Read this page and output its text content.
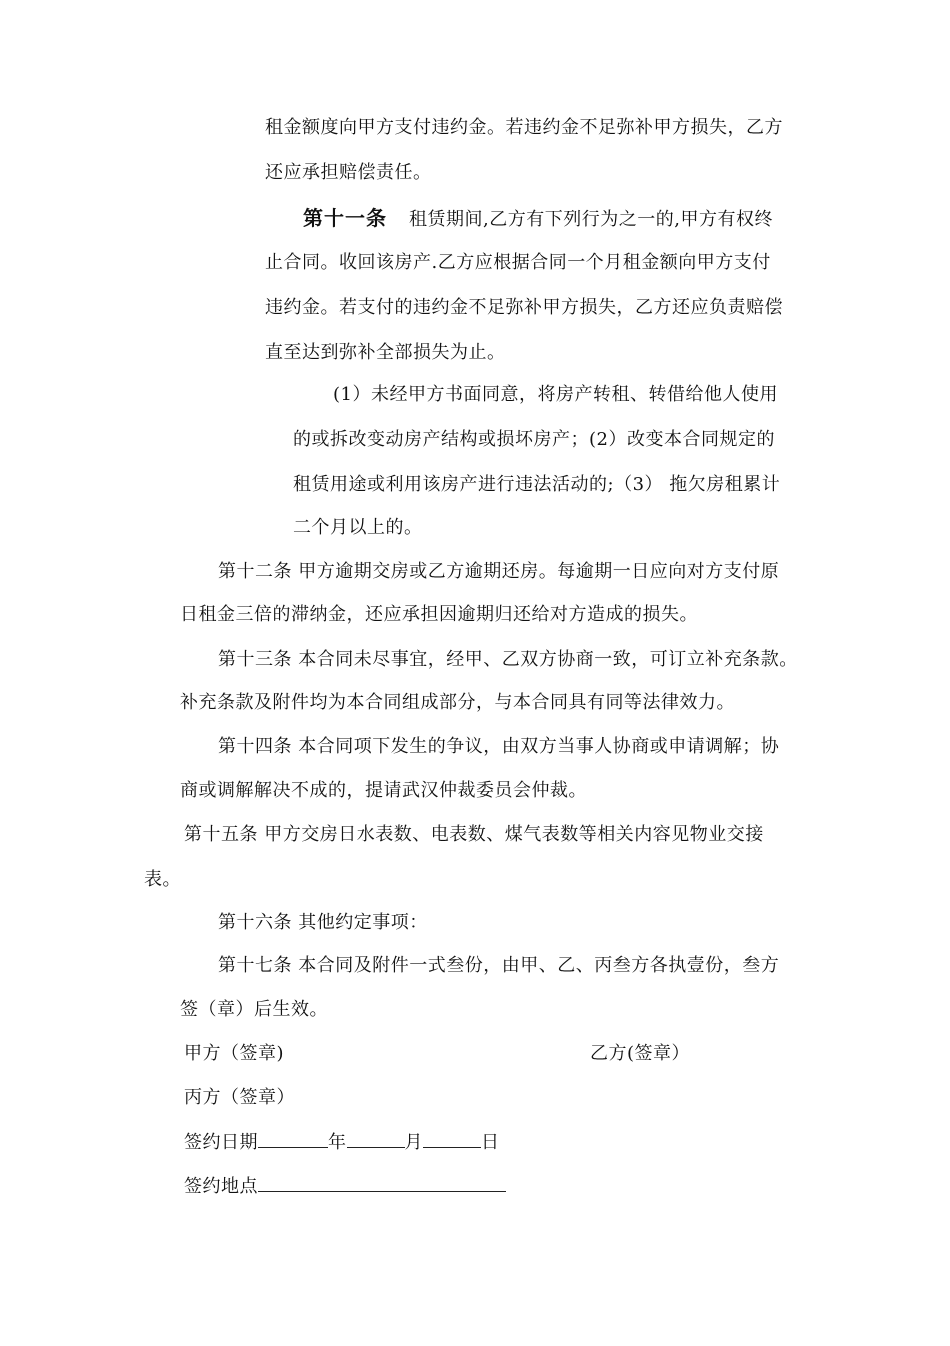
租金额度向甲方支付违约金。若违约金不足弥补甲方损失，乙方
还应承担赔偿责任。
第十一条 租赁期间,乙方有下列行为之一的,甲方有权终
止合同。收回该房产.乙方应根据合同一个月租金额向甲方支付
违约金。若支付的违约金不足弥补甲方损失，乙方还应负责赔偿
直至达到弥补全部损失为止。
(1）未经甲方书面同意，将房产转租、转借给他人使用
的或拆改变动房产结构或损坏房产；(2）改变本合同规定的
租赁用途或利用该房产进行违法活动的;（3） 拖欠房租累计
二个月以上的。
第十二条 甲方逾期交房或乙方逾期还房。每逾期一日应向对方支付原
日租金三倍的滞纳金，还应承担因逾期归还给对方造成的损失。
第十三条 本合同未尽事宜，经甲、乙双方协商一致，可订立补充条款。
补充条款及附件均为本合同组成部分，与本合同具有同等法律效力。
第十四条 本合同项下发生的争议，由双方当事人协商或申请调解；协
商或调解解决不成的，提请武汉仲裁委员会仲裁。
第十五条 甲方交房日水表数、电表数、煤气表数等相关内容见物业交接
表。
第十六条 其他约定事项：
第十七条 本合同及附件一式叁份，由甲、乙、丙叁方各执壹份，叁方
签（章）后生效。
甲方（签章)	乙方(签章）
丙方（签章）
签约日期	年	月	日
签约地点
